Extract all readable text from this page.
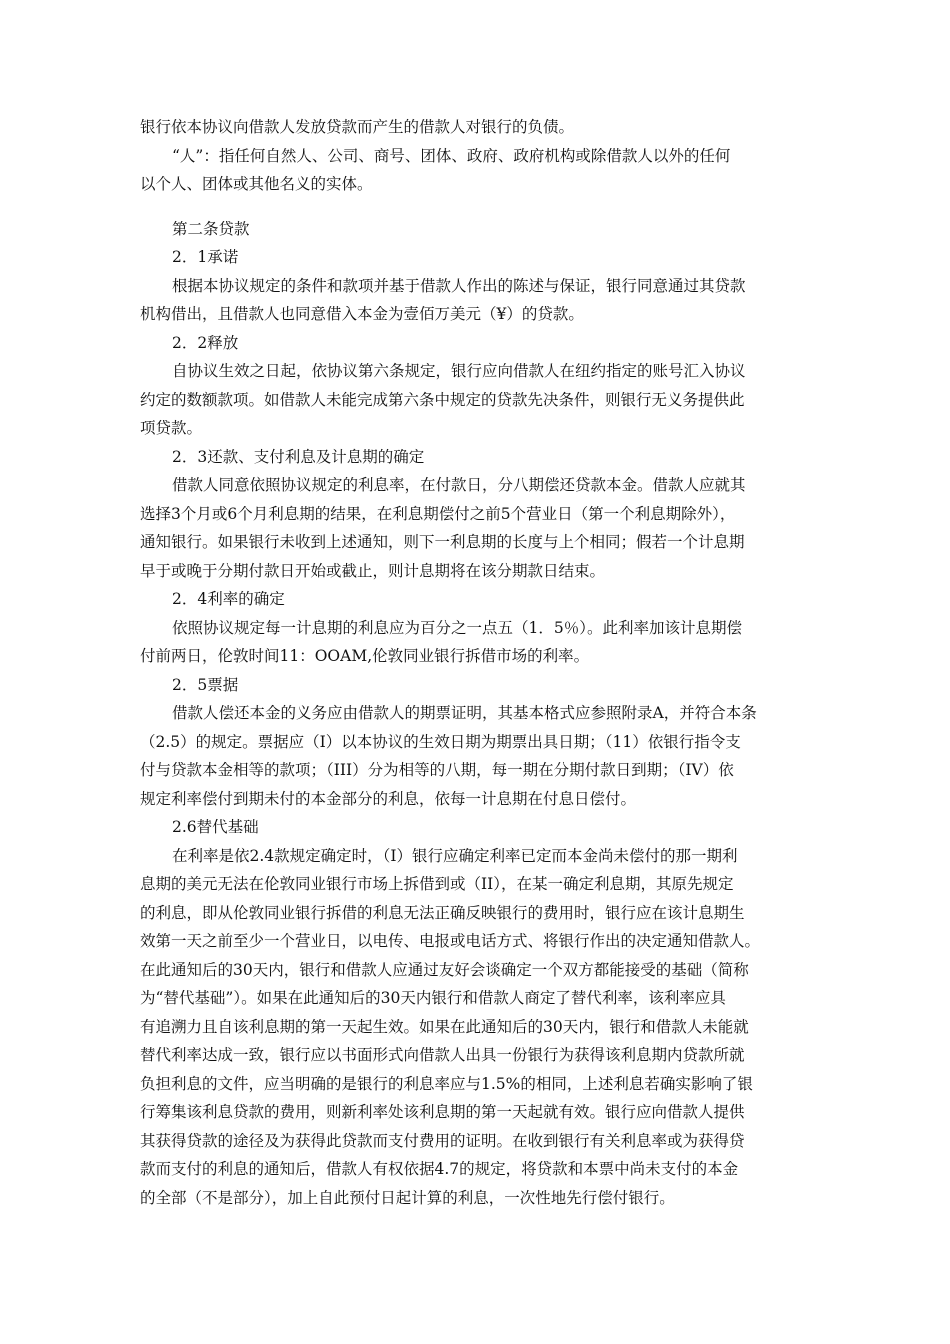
银行依本协议向借款人发放贷款而产生的借款人对银行的负债。
“人”：指任何自然人、公司、商号、团体、政府、政府机构或除借款人以外的任何
以个人、团体或其他名义的实体。
第二条贷款
2．1承诺
根据本协议规定的条件和款项并基于借款人作出的陈述与保证，银行同意通过其贷款
机构借出，且借款人也同意借入本金为壹佰万美元（¥）的贷款。
2．2释放
自协议生效之日起，依协议第六条规定，银行应向借款人在纽约指定的账号汇入协议
约定的数额款项。如借款人未能完成第六条中规定的贷款先决条件，则银行无义务提供此
项贷款。
2．3还款、支付利息及计息期的确定
借款人同意依照协议规定的利息率，在付款日，分八期偿还贷款本金。借款人应就其
选择3个月或6个月利息期的结果，在利息期偿付之前5个营业日（第一个利息期除外），
通知银行。如果银行未收到上述通知，则下一利息期的长度与上个相同；假若一个计息期
早于或晚于分期付款日开始或截止，则计息期将在该分期款日结束。
2．4利率的确定
依照协议规定每一计息期的利息应为百分之一点五（1．5％）。此利率加该计息期偿
付前两日，伦敦时间11：OOAM,伦敦同业银行拆借市场的利率。
2．5票据
借款人偿还本金的义务应由借款人的期票证明，其基本格式应参照附录A，并符合本条
（2.5）的规定。票据应（I）以本协议的生效日期为期票出具日期；（11）依银行指令支
付与贷款本金相等的款项；（III）分为相等的八期，每一期在分期付款日到期；（IV）依
规定利率偿付到期未付的本金部分的利息，依每一计息期在付息日偿付。
2.6替代基础
在利率是依2.4款规定确定时，（I）银行应确定利率已定而本金尚未偿付的那一期利
息期的美元无法在伦敦同业银行市场上拆借到或（II），在某一确定利息期，其原先规定
的利息，即从伦敦同业银行拆借的利息无法正确反映银行的费用时，银行应在该计息期生
效第一天之前至少一个营业日，以电传、电报或电话方式、将银行作出的决定通知借款人。
在此通知后的30天内，银行和借款人应通过友好会谈确定一个双方都能接受的基础（简称
为“替代基础”）。如果在此通知后的30天内银行和借款人商定了替代利率，该利率应具
有追溯力且自该利息期的第一天起生效。如果在此通知后的30天内，银行和借款人未能就
替代利率达成一致，银行应以书面形式向借款人出具一份银行为获得该利息期内贷款所就
负担利息的文件，应当明确的是银行的利息率应与1.5%的相同，上述利息若确实影响了银
行筹集该利息贷款的费用，则新利率处该利息期的第一天起就有效。银行应向借款人提供
其获得贷款的途径及为获得此贷款而支付费用的证明。在收到银行有关利息率或为获得贷
款而支付的利息的通知后，借款人有权依据4.7的规定，将贷款和本票中尚未支付的本金
的全部（不是部分），加上自此预付日起计算的利息，一次性地先行偿付银行。
